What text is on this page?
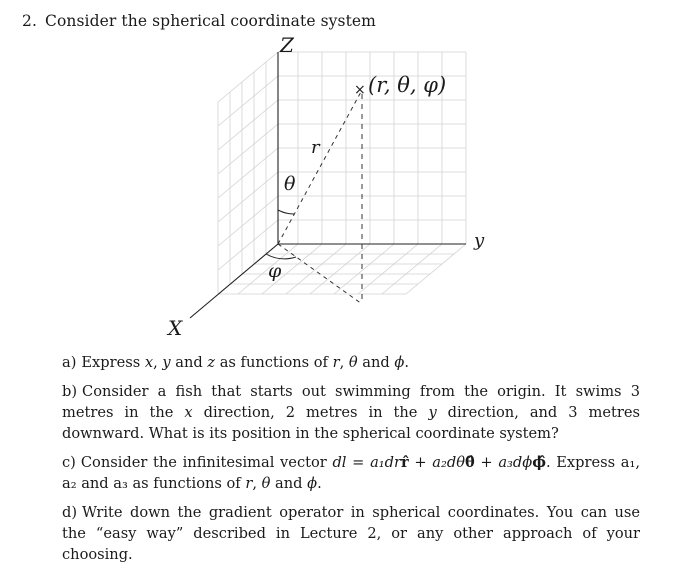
2. Consider the spherical coordinate system
Z
y
X
× (r, θ, φ)
r
θ
φ

a) Express x, y and z as functions of r, θ and ϕ.

b) Consider a fish that starts out swimming from the origin. It swims 3 metres in the x direction, 2 metres in the y direction, and 3 metres downward. What is its position in the spherical coordinate system?

c) Consider the infinitesimal vector dl = a₁drr̂ + a₂dθθ̂ + a₃dϕϕ̂. Express a₁, a₂ and a₃ as functions of r, θ and ϕ.

d) Write down the gradient operator in spherical coordinates. You can use the “easy way” described in Lecture 2, or any other approach of your choosing.
